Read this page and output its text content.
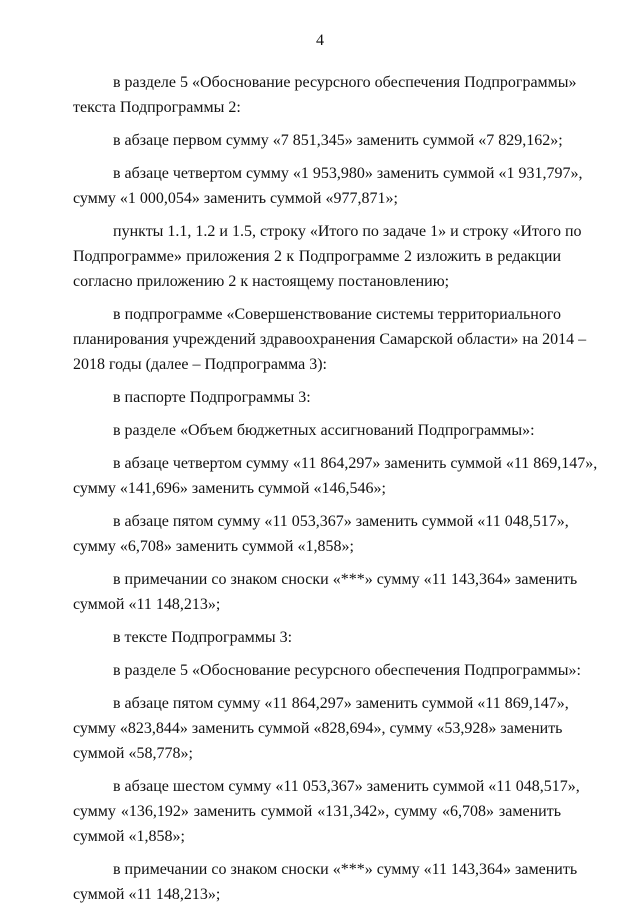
4
в разделе 5 «Обоснование ресурсного обеспечения Подпрограммы»
текста Подпрограммы 2:
в абзаце первом сумму «7 851,345» заменить суммой «7 829,162»;
в абзаце четвертом сумму «1 953,980» заменить суммой «1 931,797»,
сумму «1 000,054» заменить суммой «977,871»;
пункты 1.1, 1.2 и 1.5, строку «Итого по задаче 1» и строку «Итого по
Подпрограмме» приложения 2 к Подпрограмме 2 изложить в редакции
согласно приложению 2 к настоящему постановлению;
в подпрограмме «Совершенствование системы территориального
планирования учреждений здравоохранения Самарской области» на 2014 –
2018 годы (далее – Подпрограмма 3):
в паспорте Подпрограммы 3:
в разделе «Объем бюджетных ассигнований Подпрограммы»:
в абзаце четвертом сумму «11 864,297» заменить суммой «11 869,147»,
сумму «141,696» заменить суммой «146,546»;
в абзаце пятом сумму «11 053,367» заменить суммой «11 048,517»,
сумму «6,708» заменить суммой «1,858»;
в примечании со знаком сноски «***» сумму «11 143,364» заменить
суммой «11 148,213»;
в тексте Подпрограммы 3:
в разделе 5 «Обоснование ресурсного обеспечения Подпрограммы»:
в абзаце пятом сумму «11 864,297» заменить суммой «11 869,147»,
сумму «823,844» заменить суммой «828,694», сумму «53,928» заменить
суммой «58,778»;
в абзаце шестом сумму «11 053,367» заменить суммой «11 048,517»,
сумму «136,192» заменить суммой «131,342», сумму «6,708» заменить
суммой «1,858»;
в примечании со знаком сноски «***» сумму «11 143,364» заменить
суммой «11 148,213»;
